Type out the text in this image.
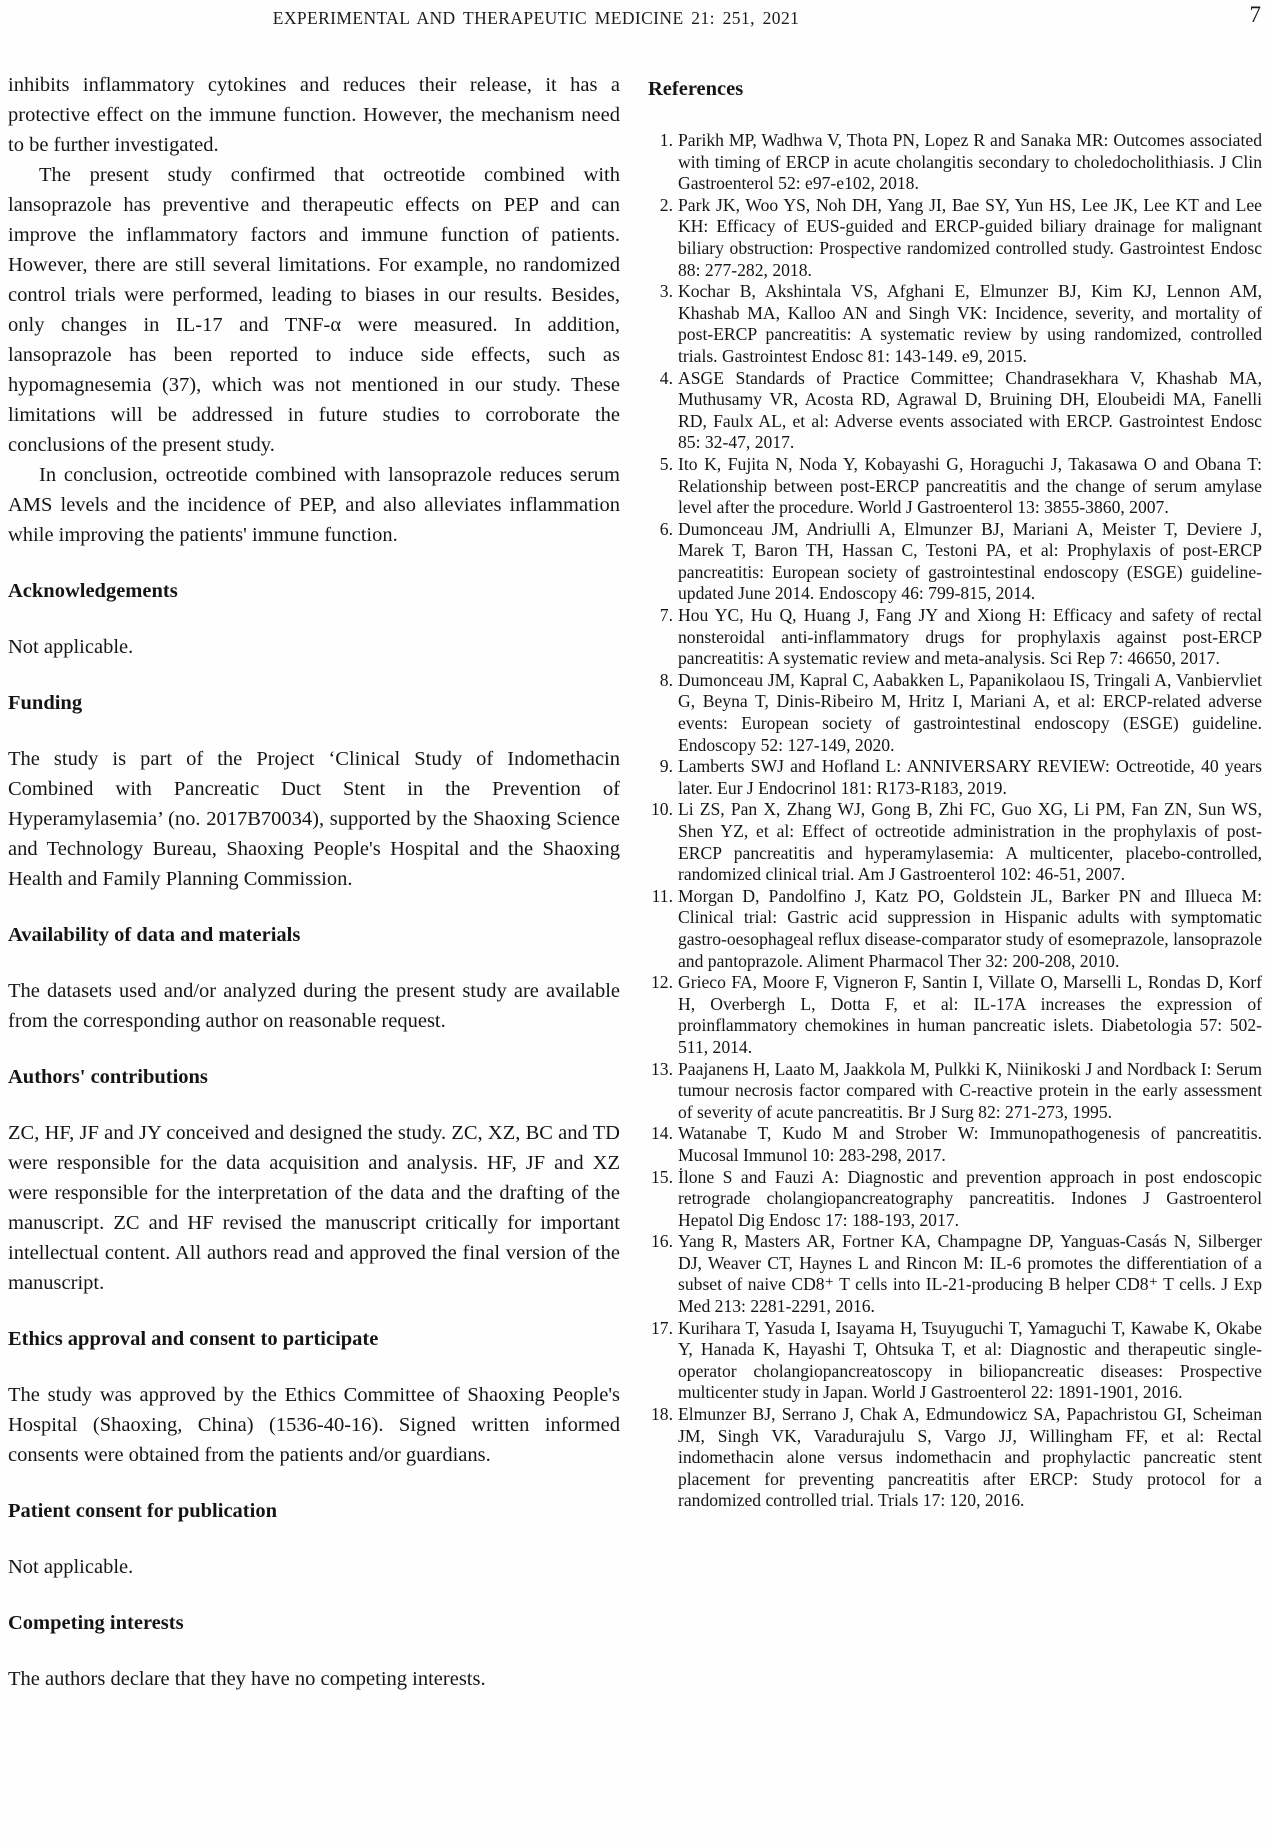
EXPERIMENTAL AND THERAPEUTIC MEDICINE 21: 251, 2021	7

inhibits inflammatory cytokines and reduces their release, it has a protective effect on the immune function. However, the mechanism need to be further investigated.

The present study confirmed that octreotide combined with lansoprazole has preventive and therapeutic effects on PEP and can improve the inflammatory factors and immune function of patients. However, there are still several limitations. For example, no randomized control trials were performed, leading to biases in our results. Besides, only changes in IL-17 and TNF-α were measured. In addition, lansoprazole has been reported to induce side effects, such as hypomagnesemia (37), which was not mentioned in our study. These limitations will be addressed in future studies to corroborate the conclusions of the present study.

In conclusion, octreotide combined with lansoprazole reduces serum AMS levels and the incidence of PEP, and also alleviates inflammation while improving the patients' immune function.

Acknowledgements

Not applicable.

Funding

The study is part of the Project ‘Clinical Study of Indomethacin Combined with Pancreatic Duct Stent in the Prevention of Hyperamylasemia’ (no. 2017B70034), supported by the Shaoxing Science and Technology Bureau, Shaoxing People's Hospital and the Shaoxing Health and Family Planning Commission.

Availability of data and materials

The datasets used and/or analyzed during the present study are available from the corresponding author on reasonable request.

Authors' contributions

ZC, HF, JF and JY conceived and designed the study. ZC, XZ, BC and TD were responsible for the data acquisition and analysis. HF, JF and XZ were responsible for the interpretation of the data and the drafting of the manuscript. ZC and HF revised the manuscript critically for important intellectual content. All authors read and approved the final version of the manuscript.

Ethics approval and consent to participate

The study was approved by the Ethics Committee of Shaoxing People's Hospital (Shaoxing, China) (1536-40-16). Signed written informed consents were obtained from the patients and/or guardians.

Patient consent for publication

Not applicable.

Competing interests

The authors declare that they have no competing interests.

References
1. Parikh MP, Wadhwa V, Thota PN, Lopez R and Sanaka MR: Outcomes associated with timing of ERCP in acute cholangitis secondary to choledocholithiasis. J Clin Gastroenterol 52: e97-e102, 2018.
2. Park JK, Woo YS, Noh DH, Yang JI, Bae SY, Yun HS, Lee JK, Lee KT and Lee KH: Efficacy of EUS-guided and ERCP-guided biliary drainage for malignant biliary obstruction: Prospective randomized controlled study. Gastrointest Endosc 88: 277-282, 2018.
3. Kochar B, Akshintala VS, Afghani E, Elmunzer BJ, Kim KJ, Lennon AM, Khashab MA, Kalloo AN and Singh VK: Incidence, severity, and mortality of post-ERCP pancreatitis: A systematic review by using randomized, controlled trials. Gastrointest Endosc 81: 143-149. e9, 2015.
4. ASGE Standards of Practice Committee; Chandrasekhara V, Khashab MA, Muthusamy VR, Acosta RD, Agrawal D, Bruining DH, Eloubeidi MA, Fanelli RD, Faulx AL, et al: Adverse events associated with ERCP. Gastrointest Endosc 85: 32-47, 2017.
5. Ito K, Fujita N, Noda Y, Kobayashi G, Horaguchi J, Takasawa O and Obana T: Relationship between post-ERCP pancreatitis and the change of serum amylase level after the procedure. World J Gastroenterol 13: 3855-3860, 2007.
6. Dumonceau JM, Andriulli A, Elmunzer BJ, Mariani A, Meister T, Deviere J, Marek T, Baron TH, Hassan C, Testoni PA, et al: Prophylaxis of post-ERCP pancreatitis: European society of gastrointestinal endoscopy (ESGE) guideline-updated June 2014. Endoscopy 46: 799-815, 2014.
7. Hou YC, Hu Q, Huang J, Fang JY and Xiong H: Efficacy and safety of rectal nonsteroidal anti-inflammatory drugs for prophylaxis against post-ERCP pancreatitis: A systematic review and meta-analysis. Sci Rep 7: 46650, 2017.
8. Dumonceau JM, Kapral C, Aabakken L, Papanikolaou IS, Tringali A, Vanbiervliet G, Beyna T, Dinis-Ribeiro M, Hritz I, Mariani A, et al: ERCP-related adverse events: European society of gastrointestinal endoscopy (ESGE) guideline. Endoscopy 52: 127-149, 2020.
9. Lamberts SWJ and Hofland L: ANNIVERSARY REVIEW: Octreotide, 40 years later. Eur J Endocrinol 181: R173-R183, 2019.
10. Li ZS, Pan X, Zhang WJ, Gong B, Zhi FC, Guo XG, Li PM, Fan ZN, Sun WS, Shen YZ, et al: Effect of octreotide administration in the prophylaxis of post-ERCP pancreatitis and hyperamylasemia: A multicenter, placebo-controlled, randomized clinical trial. Am J Gastroenterol 102: 46-51, 2007.
11. Morgan D, Pandolfino J, Katz PO, Goldstein JL, Barker PN and Illueca M: Clinical trial: Gastric acid suppression in Hispanic adults with symptomatic gastro-oesophageal reflux disease-comparator study of esomeprazole, lansoprazole and pantoprazole. Aliment Pharmacol Ther 32: 200-208, 2010.
12. Grieco FA, Moore F, Vigneron F, Santin I, Villate O, Marselli L, Rondas D, Korf H, Overbergh L, Dotta F, et al: IL-17A increases the expression of proinflammatory chemokines in human pancreatic islets. Diabetologia 57: 502-511, 2014.
13. Paajanens H, Laato M, Jaakkola M, Pulkki K, Niinikoski J and Nordback I: Serum tumour necrosis factor compared with C-reactive protein in the early assessment of severity of acute pancreatitis. Br J Surg 82: 271-273, 1995.
14. Watanabe T, Kudo M and Strober W: Immunopathogenesis of pancreatitis. Mucosal Immunol 10: 283-298, 2017.
15. İlone S and Fauzi A: Diagnostic and prevention approach in post endoscopic retrograde cholangiopancreatography pancreatitis. Indones J Gastroenterol Hepatol Dig Endosc 17: 188-193, 2017.
16. Yang R, Masters AR, Fortner KA, Champagne DP, Yanguas-Casás N, Silberger DJ, Weaver CT, Haynes L and Rincon M: IL-6 promotes the differentiation of a subset of naive CD8⁺ T cells into IL-21-producing B helper CD8⁺ T cells. J Exp Med 213: 2281-2291, 2016.
17. Kurihara T, Yasuda I, Isayama H, Tsuyuguchi T, Yamaguchi T, Kawabe K, Okabe Y, Hanada K, Hayashi T, Ohtsuka T, et al: Diagnostic and therapeutic single-operator cholangiopancreatoscopy in biliopancreatic diseases: Prospective multicenter study in Japan. World J Gastroenterol 22: 1891-1901, 2016.
18. Elmunzer BJ, Serrano J, Chak A, Edmundowicz SA, Papachristou GI, Scheiman JM, Singh VK, Varadurajulu S, Vargo JJ, Willingham FF, et al: Rectal indomethacin alone versus indomethacin and prophylactic pancreatic stent placement for preventing pancreatitis after ERCP: Study protocol for a randomized controlled trial. Trials 17: 120, 2016.
